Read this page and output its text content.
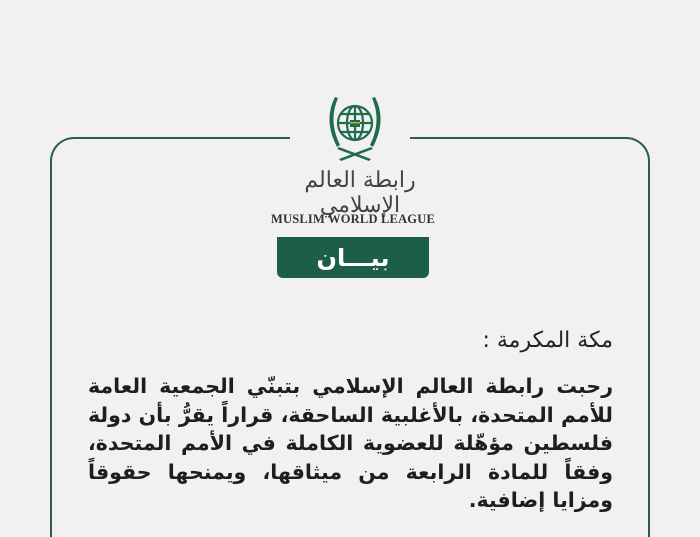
رابطة العالم الإسلامي
MUSLIM WORLD LEAGUE
بيـــان
مكة المكرمة :
رحبت رابطة العالم الإسلامي بتبنّي الجمعية العامة للأمم المتحدة، بالأغلبية الساحقة، قراراً يقرُّ بأن دولة فلسطين مؤهّلة للعضوية الكاملة في الأمم المتحدة، وفقاً للمادة الرابعة من ميثاقها، ويمنحها حقوقاً ومزايا إضافية.
